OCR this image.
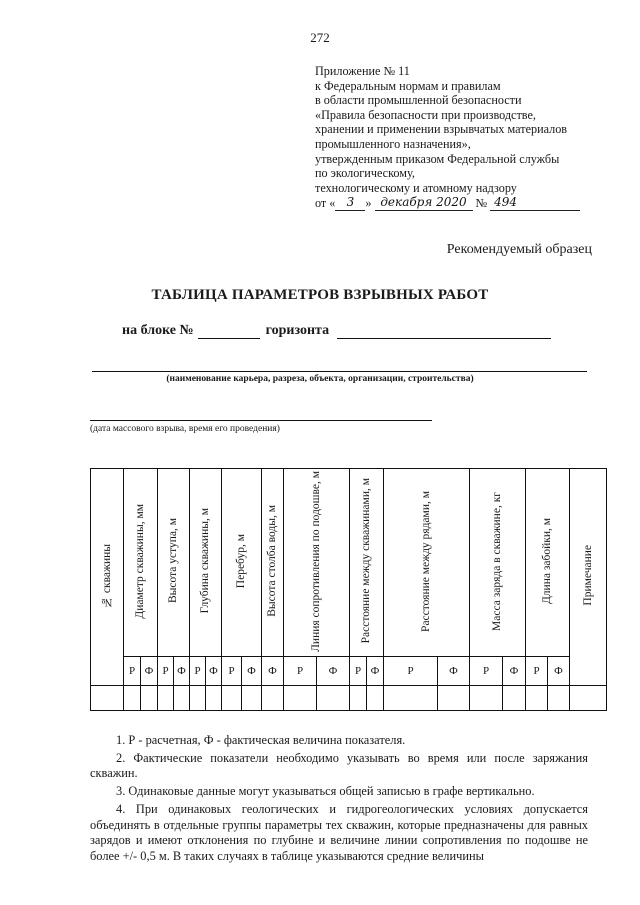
272
Приложение № 11
к Федеральным нормам и правилам
в области промышленной безопасности
«Правила безопасности при производстве,
хранении и применении взрывчатых материалов
промышленного назначения»,
утвержденным приказом Федеральной службы
по экологическому,
технологическому и атомному надзору
от « 3 » декабря 2020 № 494
Рекомендуемый образец
ТАБЛИЦА ПАРАМЕТРОВ ВЗРЫВНЫХ РАБОТ
на блоке №	горизонта
(наименование карьера, разреза, объекта, организации, строительства)
(дата массового взрыва, время его проведения)
№ скважины	Диаметр скважины, мм		Высота уступа, м		Глубина скважины, м		Перебур, м		Высота столба воды, м	Линия сопротивления по подошве, м		Расстояние между скважинами, м		Расстояние между рядами, м		Масса заряда в скважине, кг		Длина забойки, м		Примечание
	Р	Ф	Р	Ф	Р	Ф	Р	Ф	Ф	Р	Ф	Р	Ф	Р	Ф	Р	Ф	Р	Ф	

1. Р - расчетная, Ф - фактическая величина показателя.

2. Фактические показатели необходимо указывать во время или после заряжания скважин.

3. Одинаковые данные могут указываться общей записью в графе вертикально.

4. При одинаковых геологических и гидрогеологических условиях допускается объединять в отдельные группы параметры тех скважин, которые предназначены для равных зарядов и имеют отклонения по глубине и величине линии сопротивления по подошве не более +/- 0,5 м. В таких случаях в таблице указываются средние величины
